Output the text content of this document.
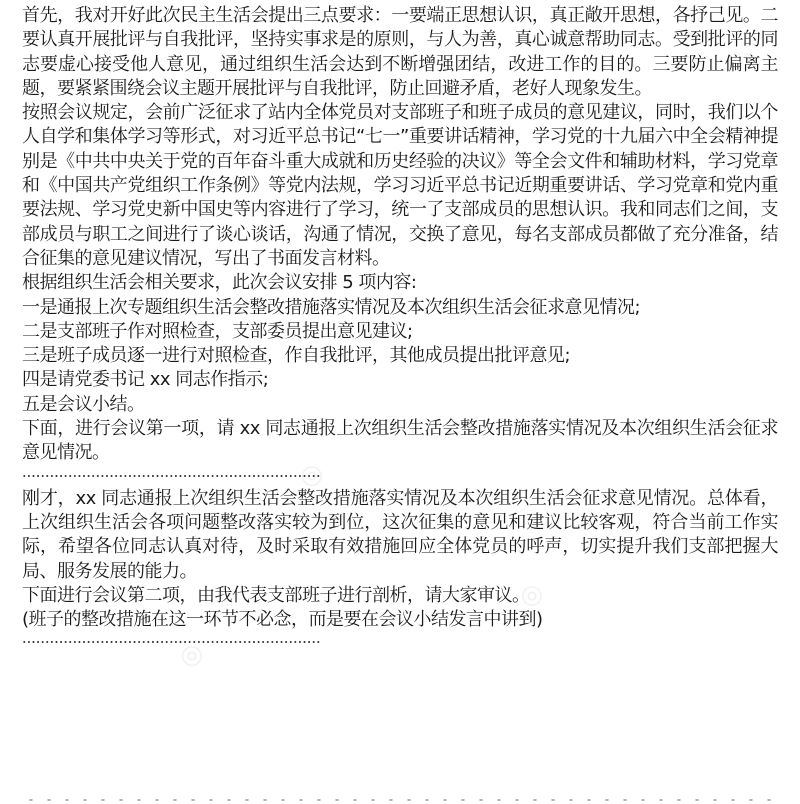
首先，我对开好此次民主生活会提出三点要求：一要端正思想认识，真正敞开思想，各抒己见。二要认真开展批评与自我批评，坚持实事求是的原则，与人为善，真心诚意帮助同志。受到批评的同志要虚心接受他人意见，通过组织生活会达到不断增强团结，改进工作的目的。三要防止偏离主题，要紧紧围绕会议主题开展批评与自我批评，防止回避矛盾，老好人现象发生。

按照会议规定，会前广泛征求了站内全体党员对支部班子和班子成员的意见建议，同时，我们以个人自学和集体学习等形式，对习近平总书记“七一”重要讲话精神，学习党的十九届六中全会精神提别是《中共中央关于党的百年奋斗重大成就和历史经验的决议》等全会文件和辅助材料，学习党章和《中国共产党组织工作条例》等党内法规，学习习近平总书记近期重要讲话、学习党章和党内重要法规、学习党史新中国史等内容进行了学习，统一了支部成员的思想认识。我和同志们之间，支部成员与职工之间进行了谈心谈话，沟通了情况，交换了意见，每名支部成员都做了充分准备，结合征集的意见建议情况，写出了书面发言材料。

根据组织生活会相关要求，此次会议安排 5 项内容:

一是通报上次专题组织生活会整改措施落实情况及本次组织生活会征求意见情况;

二是支部班子作对照检查，支部委员提出意见建议;

三是班子成员逐一进行对照检查，作自我批评，其他成员提出批评意见;

四是请党委书记 xx 同志作指示;

五是会议小结。

下面，进行会议第一项，请 xx 同志通报上次组织生活会整改措施落实情况及本次组织生活会征求意见情况。

刚才，xx 同志通报上次组织生活会整改措施落实情况及本次组织生活会征求意见情况。总体看，上次组织生活会各项问题整改落实较为到位，这次征集的意见和建议比较客观，符合当前工作实际，希望各位同志认真对待，及时采取有效措施回应全体党员的呼声，切实提升我们支部把握大局、服务发展的能力。

下面进行会议第二项，由我代表支部班子进行剖析，请大家审议。

(班子的整改措施在这一环节不必念，而是要在会议小结发言中讲到)

◎
◎
◎
